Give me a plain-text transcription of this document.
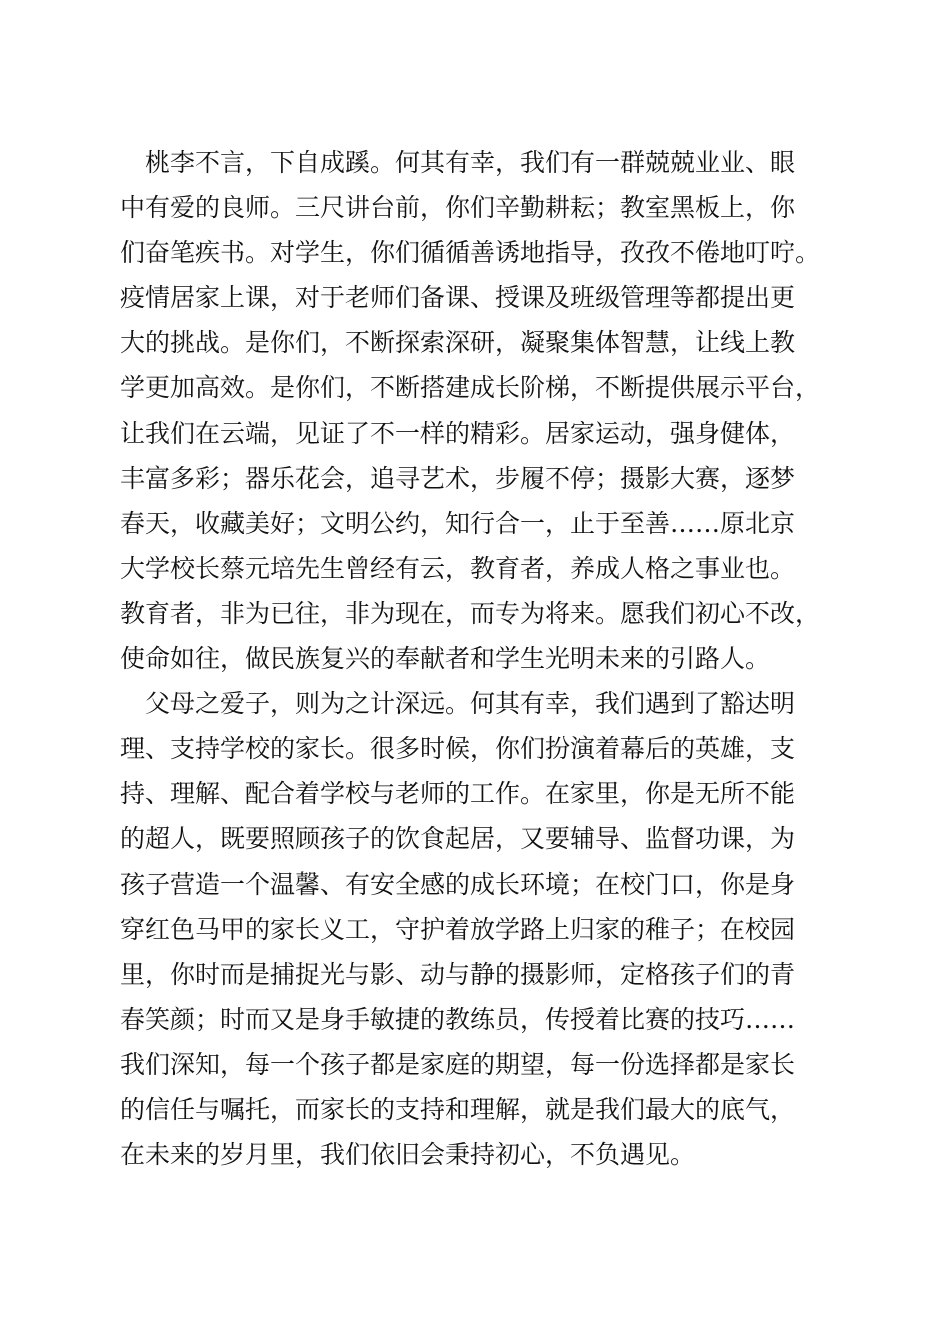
　桃李不言，下自成蹊。何其有幸，我们有一群兢兢业业、眼

中有爱的良师。三尺讲台前，你们辛勤耕耘；教室黑板上，你

们奋笔疾书。对学生，你们循循善诱地指导，孜孜不倦地叮咛。

疫情居家上课，对于老师们备课、授课及班级管理等都提出更

大的挑战。是你们，不断探索深研，凝聚集体智慧，让线上教

学更加高效。是你们，不断搭建成长阶梯，不断提供展示平台，

让我们在云端，见证了不一样的精彩。居家运动，强身健体，

丰富多彩；器乐花会，追寻艺术，步履不停；摄影大赛，逐梦

春天，收藏美好；文明公约，知行合一，止于至善……原北京

大学校长蔡元培先生曾经有云，教育者，养成人格之事业也。

教育者，非为已往，非为现在，而专为将来。愿我们初心不改，

使命如往，做民族复兴的奉献者和学生光明未来的引路人。

　父母之爱子，则为之计深远。何其有幸，我们遇到了豁达明

理、支持学校的家长。很多时候，你们扮演着幕后的英雄，支

持、理解、配合着学校与老师的工作。在家里，你是无所不能

的超人，既要照顾孩子的饮食起居，又要辅导、监督功课，为

孩子营造一个温馨、有安全感的成长环境；在校门口，你是身

穿红色马甲的家长义工，守护着放学路上归家的稚子；在校园

里，你时而是捕捉光与影、动与静的摄影师，定格孩子们的青

春笑颜；时而又是身手敏捷的教练员，传授着比赛的技巧……

我们深知，每一个孩子都是家庭的期望，每一份选择都是家长

的信任与嘱托，而家长的支持和理解，就是我们最大的底气，

在未来的岁月里，我们依旧会秉持初心，不负遇见。
